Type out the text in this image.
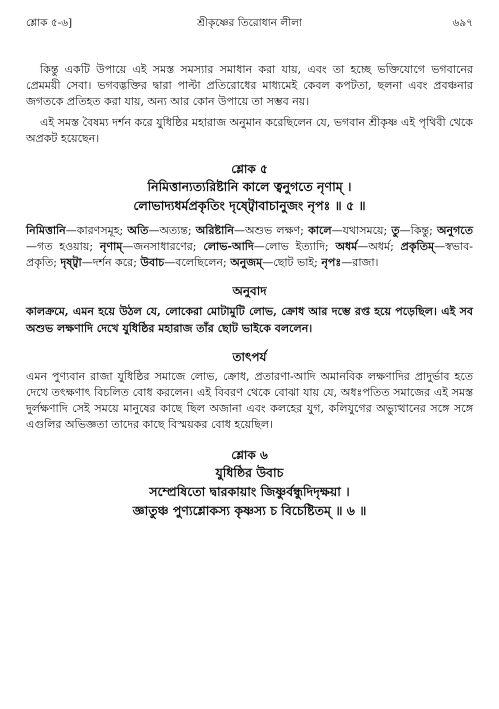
শ্লোক ৫-৬]	শ্রীকৃষ্ণের তিরোধান লীলা	৬৯৭

কিন্তু একটি উপায়ে এই সমস্ত সমস্যার সমাধান করা যায়, এবং তা হচ্ছে ভক্তিযোগে ভগবানের প্রেমময়ী সেবা। ভগবদ্ভক্তির দ্বারা পাল্টা প্রতিরোধের মাধ্যমেই কেবল কপটতা, ছলনা এবং প্রবঞ্চনার জগতকে প্রতিহত করা যায়, অন্য আর কোন উপায়ে তা সম্ভব নয়।

এই সমস্ত বৈষম্য দর্শন করে যুধিষ্ঠির মহারাজ অনুমান করেছিলেন যে, ভগবান শ্রীকৃষ্ণ এই পৃথিবী থেকে অপ্রকট হয়েছেন।

শ্লোক ৫
নিমিত্তান্যত্যরিষ্টানি কালে ত্বনুগতে নৃণাম্ ।
লোভাদ্যধর্মপ্রকৃতিং দৃষ্ট্বোবাচানুজং নৃপঃ ॥ ৫ ॥

নিমিত্তানি—কারণসমূহ; অতি—অত্যন্ত; অরিষ্টানি—অশুভ লক্ষণ; কালে—যথাসময়ে; তু—কিন্তু; অনুগতে—গত হওয়ায়; নৃণাম্—জনসাধারণের; লোভ-আদি—লোভ ইত্যাদি; অধর্ম—অধর্ম; প্রকৃতিম্—স্বভাব-প্রকৃতি; দৃষ্ট্বা—দর্শন করে; উবাচ—বলেছিলেন; অনুজম্—ছোট ভাই; নৃপঃ—রাজা।

অনুবাদ

কালক্রমে, এমন হয়ে উঠল যে, লোকেরা মোটামুটি লোভ, ক্রোধ আর দম্ভে রপ্ত হয়ে পড়েছিল। এই সব অশুভ লক্ষণাদি দেখে যুধিষ্ঠির মহারাজ তাঁর ছোট ভাইকে বললেন।

তাৎপর্য

এমন পুণ্যবান রাজা যুধিষ্ঠির সমাজে লোভ, ক্রোধ, প্রতারণা-আদি অমানবিক লক্ষণাদির প্রাদুর্ভাব হতে দেখে তৎক্ষণাৎ বিচলিত বোধ করলেন। এই বিবরণ থেকে বোঝা যায় যে, অধঃপতিত সমাজের এই সমস্ত দুর্লক্ষণাদি সেই সময়ে মানুষের কাছে ছিল অজানা এবং কলহের যুগ, কলিযুগের অভ্যুত্থানের সঙ্গে সঙ্গে এগুলির অভিজ্ঞতা তাদের কাছে বিস্ময়কর বোধ হয়েছিল।

শ্লোক ৬
যুধিষ্ঠির উবাচ
সম্প্রেষিতো দ্বারকায়াং জিষ্ণুর্বন্ধুদিদৃক্ষয়া ।
জ্ঞাতুঞ্চ পুণ্যশ্লোকস্য কৃষ্ণস্য চ বিচেষ্টিতম্ ॥ ৬ ॥
